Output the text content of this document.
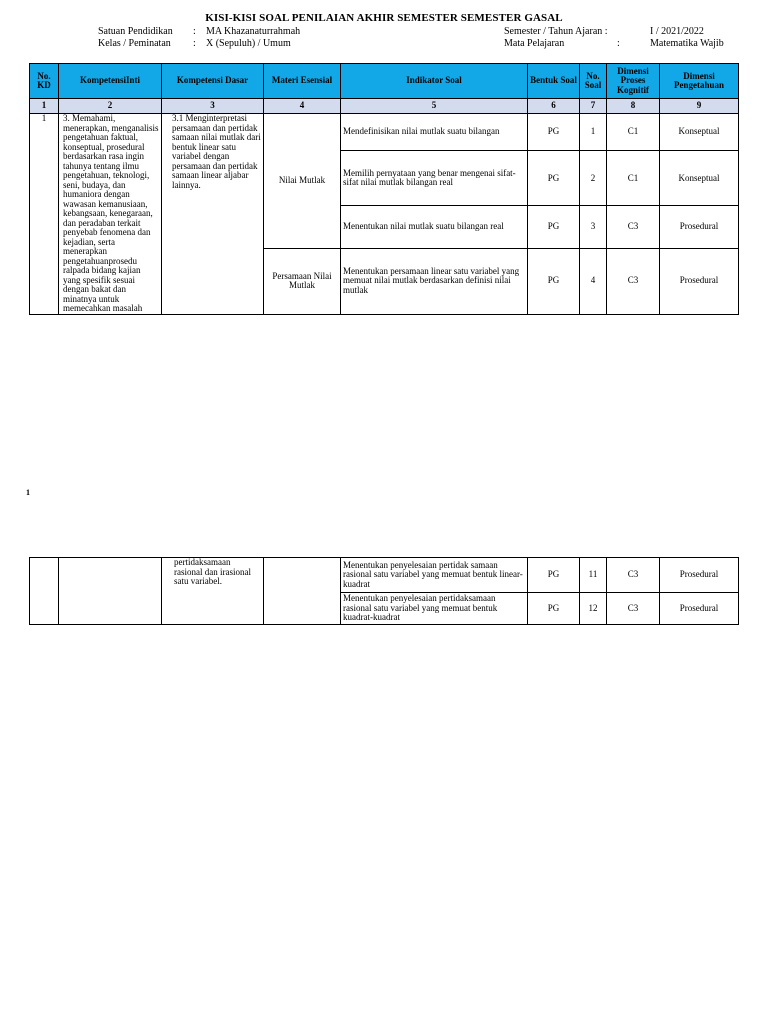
KISI-KISI SOAL PENILAIAN AKHIR SEMESTER SEMESTER GASAL
Satuan Pendidikan : MA Khazanaturrahmah
Kelas / Peminatan : X (Sepuluh) / Umum
Semester / Tahun Ajaran :	I / 2021/2022
Mata Pelajaran	:	Matematika Wajib
No. KD	KompetensiInti	Kompetensi Dasar	Materi Esensial	Indikator Soal	Bentuk Soal	No. Soal	Dimensi Proses Kognitif	Dimensi Pengetahuan
1	2	3	4	5	6	7	8	9
1	3. Memahami, menerapkan, menganalisis pengetahuan faktual, konseptual, prosedural berdasarkan rasa ingin tahunya tentang ilmu pengetahuan, teknologi, seni, budaya, dan humaniora dengan wawasan kemanusiaan, kebangsaan, kenegaraan, dan peradaban terkait penyebab fenomena dan kejadian, serta menerapkan pengetahuanprosedu ralpada bidang kajian yang spesifik sesuai dengan bakat dan minatnya untuk memecahkan masalah	3.1 Menginterpretasi persamaan dan pertidak samaan nilai mutlak dari bentuk linear satu variabel dengan persamaan dan pertidak samaan linear aljabar lainnya.	Nilai Mutlak	Mendefinisikan nilai mutlak suatu bilangan	PG	1	C1	Konseptual
				Memilih pernyataan yang benar mengenai sifat-sifat nilai mutlak bilangan real	PG	2	C1	Konseptual
				Menentukan nilai mutlak suatu bilangan real	PG	3	C3	Prosedural
			Persamaan Nilai Mutlak	Menentukan persamaan linear satu variabel yang memuat nilai mutlak berdasarkan definisi nilai mutlak	PG	4	C3	Prosedural
1
		pertidaksamaan rasional dan irasional satu variabel.		Menentukan penyelesaian pertidak samaan rasional satu variabel yang memuat bentuk linear-kuadrat	PG	11	C3	Prosedural
				Menentukan penyelesaian pertidaksamaan rasional satu variabel yang memuat bentuk kuadrat-kuadrat	PG	12	C3	Prosedural
